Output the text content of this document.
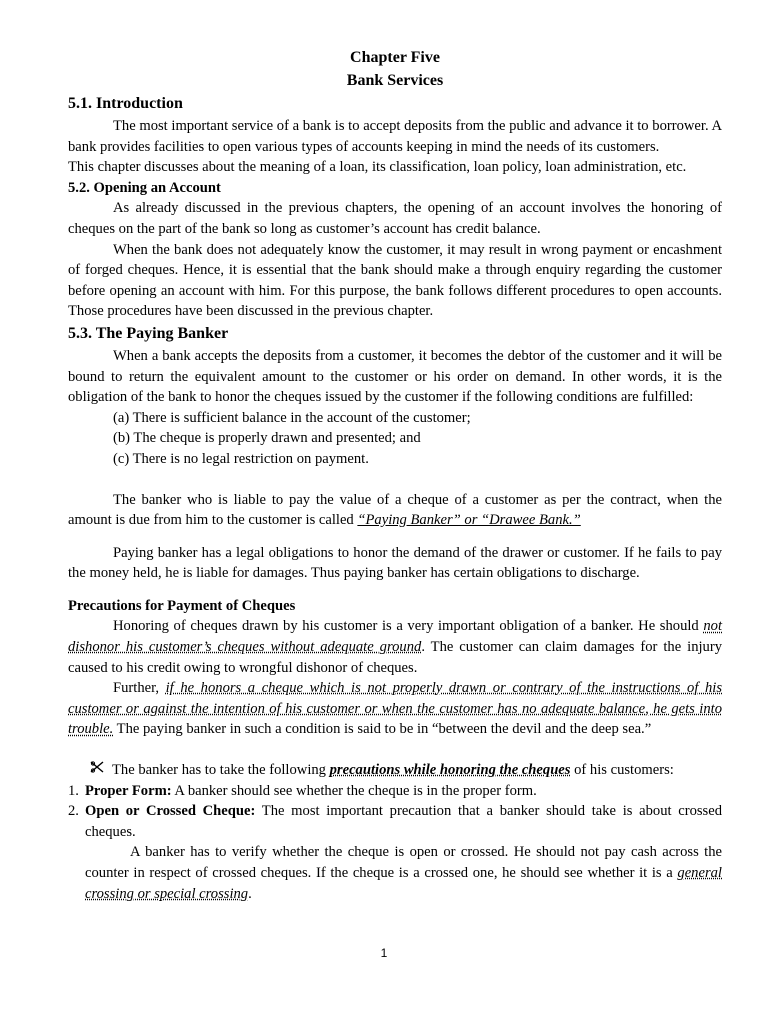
Chapter Five
Bank Services
5.1. Introduction

The most important service of a bank is to accept deposits from the public and advance it to borrower. A bank provides facilities to open various types of accounts keeping in mind the needs of its customers.

This chapter discusses about the meaning of a loan, its classification, loan policy, loan administration, etc.

5.2. Opening an Account

As already discussed in the previous chapters, the opening of an account involves the honoring of cheques on the part of the bank so long as customer’s account has credit balance.

When the bank does not adequately know the customer, it may result in wrong payment or encashment of forged cheques. Hence, it is essential that the bank should make a through enquiry regarding the customer before opening an account with him. For this purpose, the bank follows different procedures to open accounts. Those procedures have been discussed in the previous chapter.

5.3. The Paying Banker

When a bank accepts the deposits from a customer, it becomes the debtor of the customer and it will be bound to return the equivalent amount to the customer or his order on demand. In other words, it is the obligation of the bank to honor the cheques issued by the customer if the following conditions are fulfilled:

(a) There is sufficient balance in the account of the customer;
(b) The cheque is properly drawn and presented; and
(c) There is no legal restriction on payment.

The banker who is liable to pay the value of a cheque of a customer as per the contract, when the amount is due from him to the customer is called “Paying Banker” or “Drawee Bank.”

Paying banker has a legal obligations to honor the demand of the drawer or customer. If he fails to pay the money held, he is liable for damages. Thus paying banker has certain obligations to discharge.

Precautions for Payment of Cheques

Honoring of cheques drawn by his customer is a very important obligation of a banker. He should not dishonor his customer’s cheques without adequate ground. The customer can claim damages for the injury caused to his credit owing to wrongful dishonor of cheques.

Further, if he honors a cheque which is not properly drawn or contrary of the instructions of his customer or against the intention of his customer or when the customer has no adequate balance, he gets into trouble. The paying banker in such a condition is said to be in “between the devil and the deep sea.”

The banker has to take the following precautions while honoring the cheques of his customers:
1. Proper Form: A banker should see whether the cheque is in the proper form.
2. Open or Crossed Cheque: The most important precaution that a banker should take is about crossed cheques.

A banker has to verify whether the cheque is open or crossed. He should not pay cash across the counter in respect of crossed cheques. If the cheque is a crossed one, he should see whether it is a general crossing or special crossing.

1
